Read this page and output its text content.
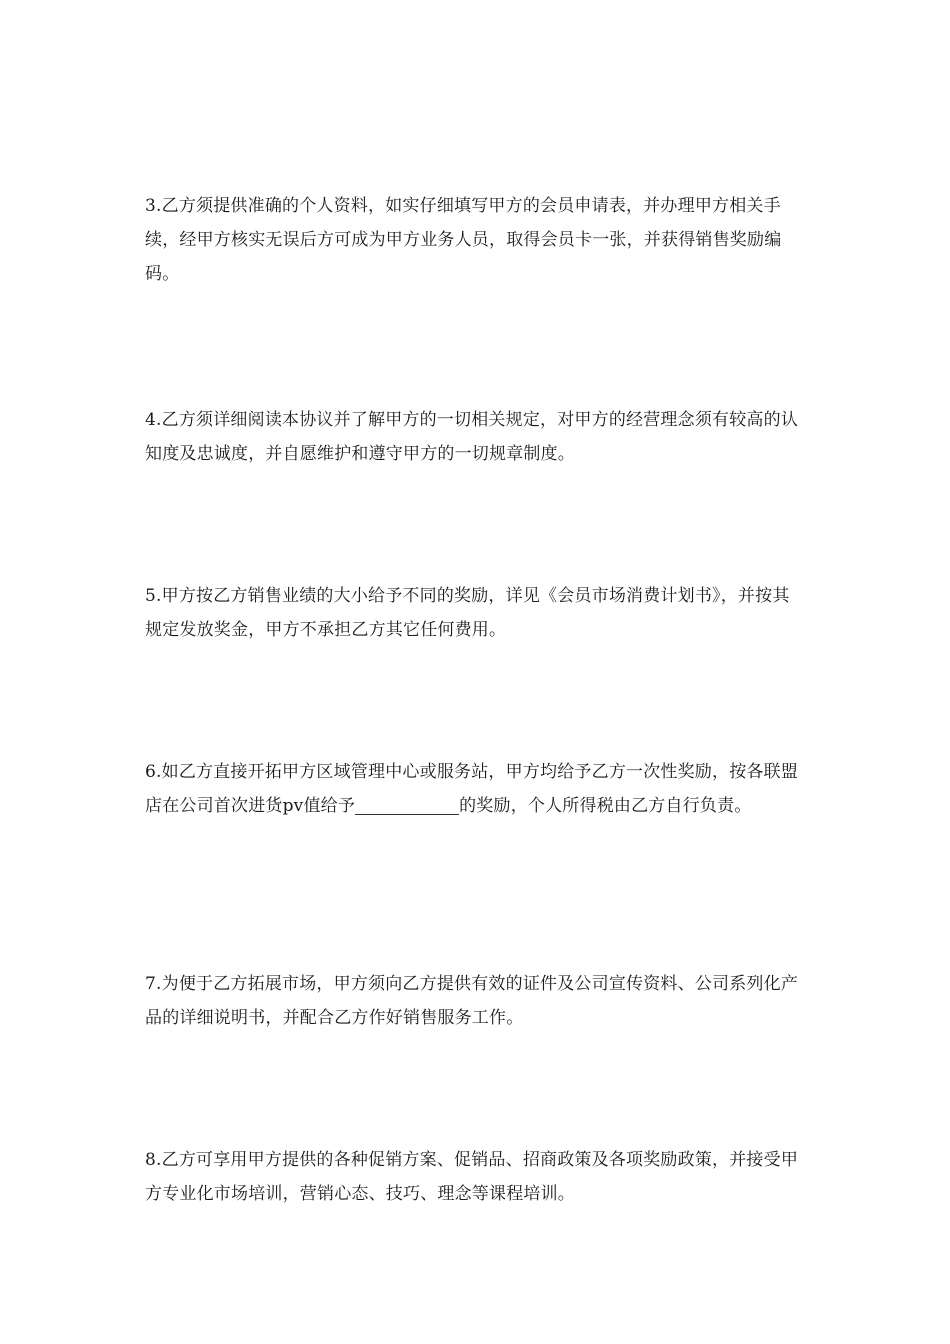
3.乙方须提供准确的个人资料，如实仔细填写甲方的会员申请表，并办理甲方相关手续，经甲方核实无误后方可成为甲方业务人员，取得会员卡一张，并获得销售奖励编码。

4.乙方须详细阅读本协议并了解甲方的一切相关规定，对甲方的经营理念须有较高的认知度及忠诚度，并自愿维护和遵守甲方的一切规章制度。

5.甲方按乙方销售业绩的大小给予不同的奖励，详见《会员市场消费计划书》，并按其规定发放奖金，甲方不承担乙方其它任何费用。

6.如乙方直接开拓甲方区域管理中心或服务站，甲方均给予乙方一次性奖励，按各联盟店在公司首次进货pv值给予	的奖励，个人所得税由乙方自行负责。

7.为便于乙方拓展市场，甲方须向乙方提供有效的证件及公司宣传资料、公司系列化产品的详细说明书，并配合乙方作好销售服务工作。

8.乙方可享用甲方提供的各种促销方案、促销品、招商政策及各项奖励政策，并接受甲方专业化市场培训，营销心态、技巧、理念等课程培训。
